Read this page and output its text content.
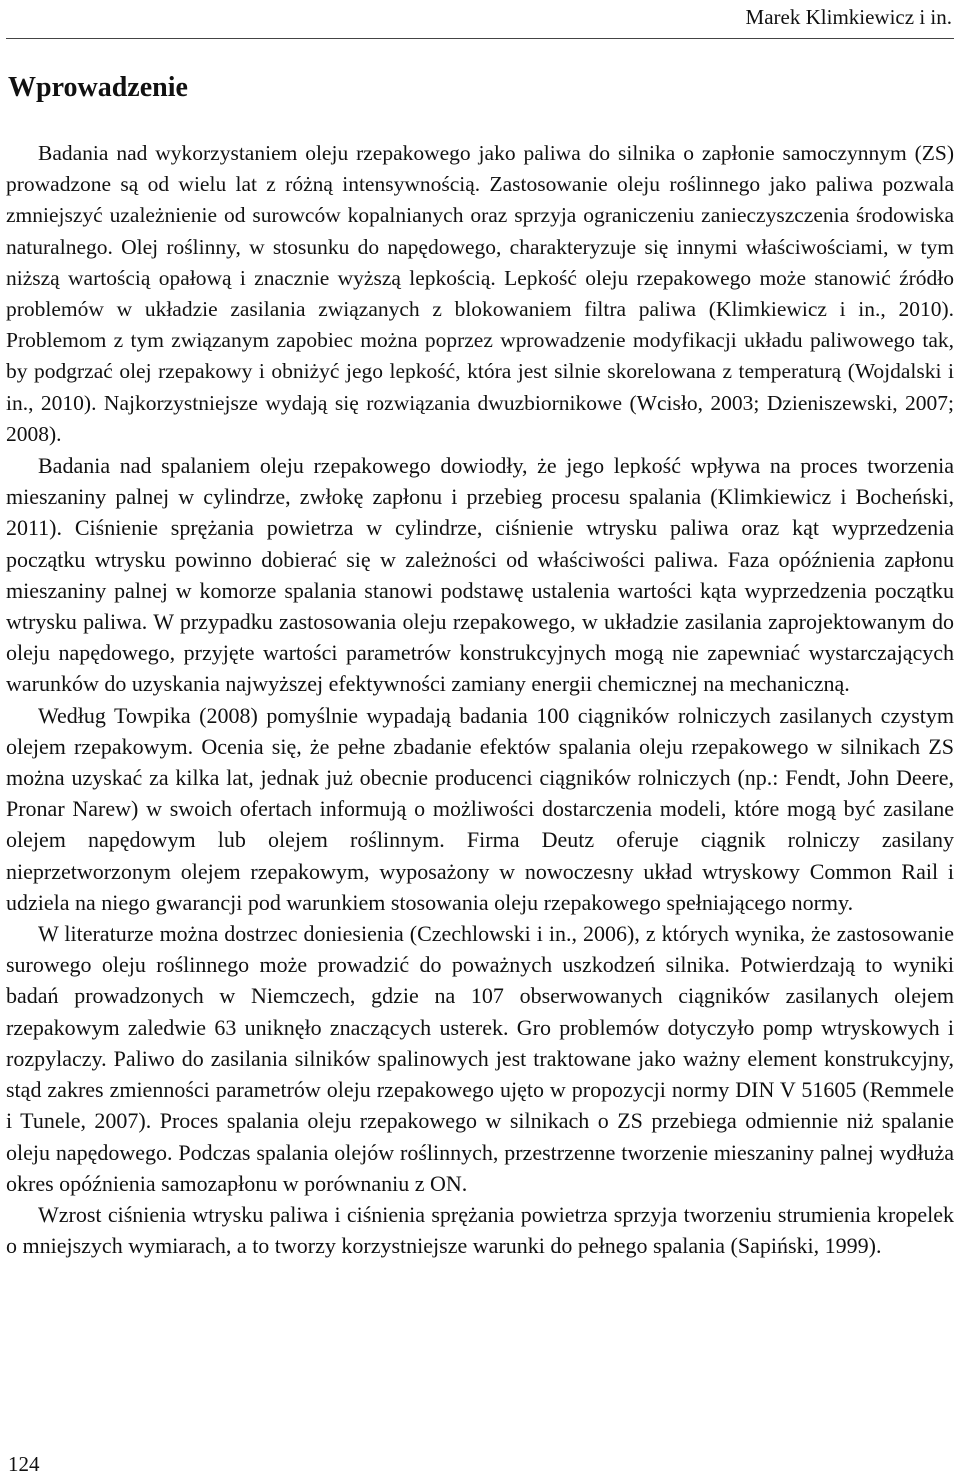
Marek Klimkiewicz i in.
Wprowadzenie

Badania nad wykorzystaniem oleju rzepakowego jako paliwa do silnika o zapłonie samoczynnym (ZS) prowadzone są od wielu lat z różną intensywnością. Zastosowanie oleju roślinnego jako paliwa pozwala zmniejszyć uzależnienie od surowców kopalnianych oraz sprzyja ograniczeniu zanieczyszczenia środowiska naturalnego. Olej roślinny, w stosunku do napędowego, charakteryzuje się innymi właściwościami, w tym niższą wartością opałową i znacznie wyższą lepkością. Lepkość oleju rzepakowego może stanowić źródło problemów w układzie zasilania związanych z blokowaniem filtra paliwa (Klimkiewicz i in., 2010). Problemom z tym związanym zapobiec można poprzez wprowadzenie modyfikacji układu paliwowego tak, by podgrzać olej rzepakowy i obniżyć jego lepkość, która jest silnie skorelowana z temperaturą (Wojdalski i in., 2010). Najkorzystniejsze wydają się rozwiązania dwuzbiornikowe (Wcisło, 2003; Dzieniszewski, 2007; 2008).

Badania nad spalaniem oleju rzepakowego dowiodły, że jego lepkość wpływa na proces tworzenia mieszaniny palnej w cylindrze, zwłokę zapłonu i przebieg procesu spalania (Klimkiewicz i Bocheński, 2011). Ciśnienie sprężania powietrza w cylindrze, ciśnienie wtrysku paliwa oraz kąt wyprzedzenia początku wtrysku powinno dobierać się w zależności od właściwości paliwa. Faza opóźnienia zapłonu mieszaniny palnej w komorze spalania stanowi podstawę ustalenia wartości kąta wyprzedzenia początku wtrysku paliwa. W przypadku zastosowania oleju rzepakowego, w układzie zasilania zaprojektowanym do oleju napędowego, przyjęte wartości parametrów konstrukcyjnych mogą nie zapewniać wystarczających warunków do uzyskania najwyższej efektywności zamiany energii chemicznej na mechaniczną.

Według Towpika (2008) pomyślnie wypadają badania 100 ciągników rolniczych zasilanych czystym olejem rzepakowym. Ocenia się, że pełne zbadanie efektów spalania oleju rzepakowego w silnikach ZS można uzyskać za kilka lat, jednak już obecnie producenci ciągników rolniczych (np.: Fendt, John Deere, Pronar Narew) w swoich ofertach informują o możliwości dostarczenia modeli, które mogą być zasilane olejem napędowym lub olejem roślinnym. Firma Deutz oferuje ciągnik rolniczy zasilany nieprzetworzonym olejem rzepakowym, wyposażony w nowoczesny układ wtryskowy Common Rail i udziela na niego gwarancji pod warunkiem stosowania oleju rzepakowego spełniającego normy.

W literaturze można dostrzec doniesienia (Czechlowski i in., 2006), z których wynika, że zastosowanie surowego oleju roślinnego może prowadzić do poważnych uszkodzeń silnika. Potwierdzają to wyniki badań prowadzonych w Niemczech, gdzie na 107 obserwowanych ciągników zasilanych olejem rzepakowym zaledwie 63 uniknęło znaczących usterek. Gro problemów dotyczyło pomp wtryskowych i rozpylaczy. Paliwo do zasilania silników spalinowych jest traktowane jako ważny element konstrukcyjny, stąd zakres zmienności parametrów oleju rzepakowego ujęto w propozycji normy DIN V 51605 (Remmele i Tunele, 2007). Proces spalania oleju rzepakowego w silnikach o ZS przebiega odmiennie niż spalanie oleju napędowego. Podczas spalania olejów roślinnych, przestrzenne tworzenie mieszaniny palnej wydłuża okres opóźnienia samozapłonu w porównaniu z ON.

Wzrost ciśnienia wtrysku paliwa i ciśnienia sprężania powietrza sprzyja tworzeniu strumienia kropelek o mniejszych wymiarach, a to tworzy korzystniejsze warunki do pełnego spalania (Sapiński, 1999).

124
